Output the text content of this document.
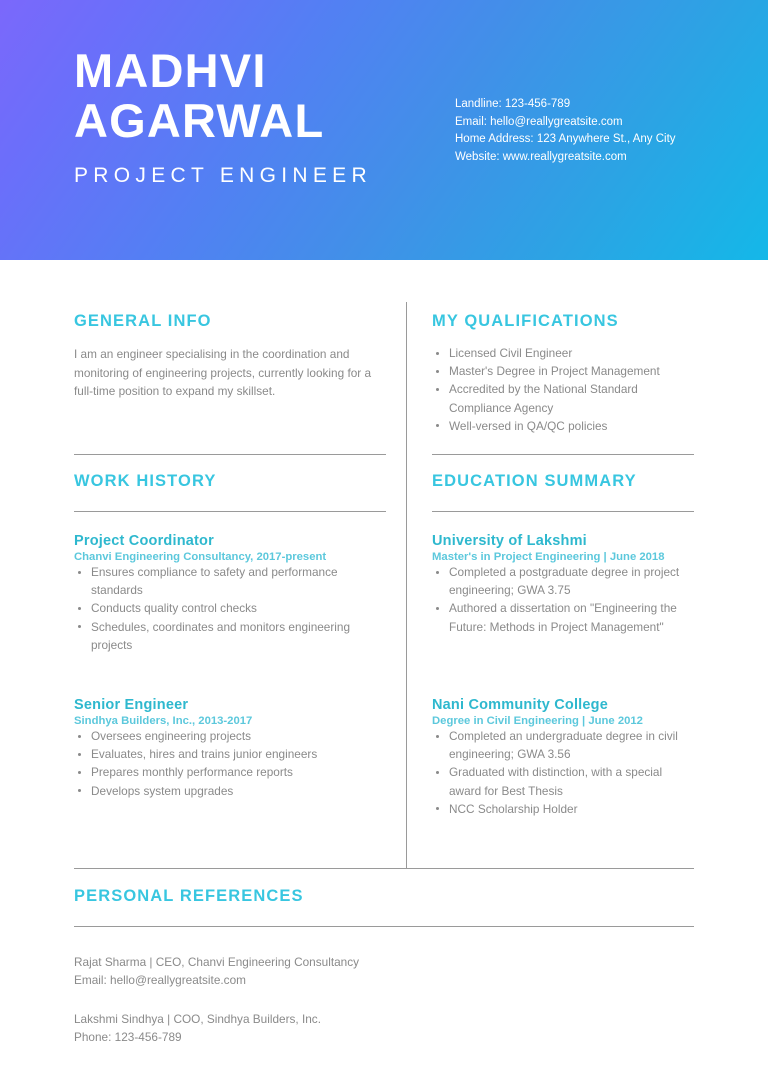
MADHVI
AGARWAL
PROJECT ENGINEER
Landline: 123-456-789
Email: hello@reallygreatsite.com
Home Address: 123 Anywhere St., Any City
Website: www.reallygreatsite.com
GENERAL INFO

I am an engineer specialising in the coordination and monitoring of engineering projects, currently looking for a full-time position to expand my skillset.

WORK HISTORY
Project Coordinator
Chanvi Engineering Consultancy, 2017-present
Ensures compliance to safety and performance standards
Conducts quality control checks
Schedules, coordinates and monitors engineering projects
Senior Engineer
Sindhya Builders, Inc., 2013-2017
Oversees engineering projects
Evaluates, hires and trains junior engineers
Prepares monthly performance reports
Develops system upgrades
MY QUALIFICATIONS
Licensed Civil Engineer
Master's Degree in Project Management
Accredited by the National Standard Compliance Agency
Well-versed in QA/QC policies
EDUCATION SUMMARY
University of Lakshmi
Master's in Project Engineering | June 2018
Completed a postgraduate degree in project engineering; GWA 3.75
Authored a dissertation on "Engineering the Future: Methods in Project Management"
Nani Community College
Degree in Civil Engineering | June 2012
Completed an undergraduate degree in civil engineering; GWA 3.56
Graduated with distinction, with a special award for Best Thesis
NCC Scholarship Holder
PERSONAL REFERENCES
Rajat Sharma | CEO, Chanvi Engineering Consultancy
Email: hello@reallygreatsite.com
Lakshmi Sindhya | COO, Sindhya Builders, Inc.
Phone: 123-456-789
